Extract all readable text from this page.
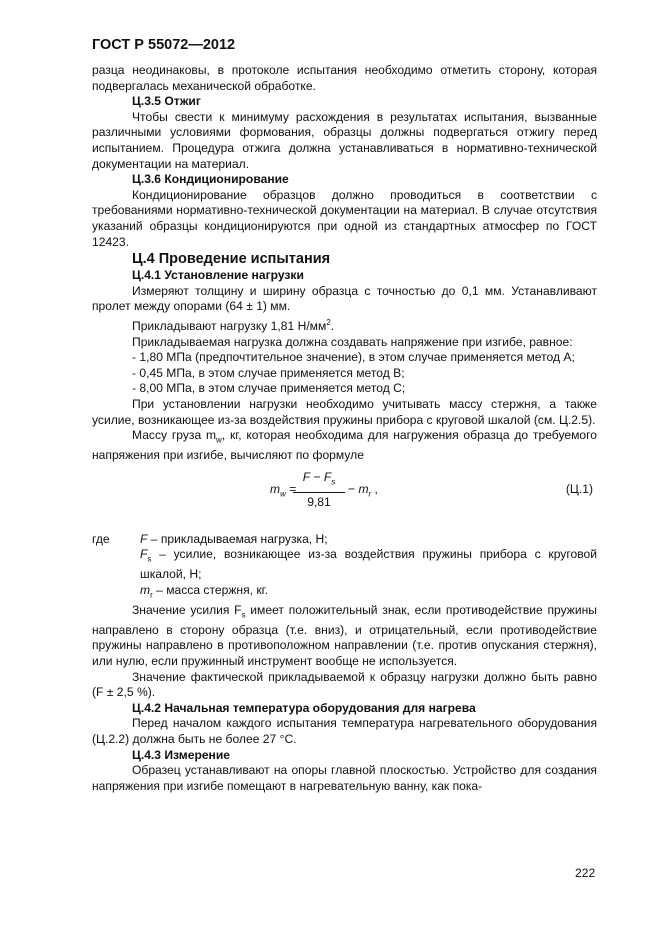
ГОСТ Р 55072—2012

разца неодинаковы, в протоколе испытания необходимо отметить сторону, которая подвергалась механической обработке.

Ц.3.5 Отжиг

Чтобы свести к минимуму расхождения в результатах испытания, вызванные различными условиями формования, образцы должны подвергаться отжигу перед испытанием. Процедура отжига должна устанавливаться в нормативно-технической документации на материал.

Ц.3.6 Кондиционирование

Кондиционирование образцов должно проводиться в соответствии с требованиями нормативно-технической документации на материал. В случае отсутствия указаний образцы кондиционируются при одной из стандартных атмосфер по ГОСТ 12423.

Ц.4 Проведение испытания

Ц.4.1 Установление нагрузки

Измеряют толщину и ширину образца с точностью до 0,1 мм. Устанавливают пролет между опорами (64 ± 1) мм.

Прикладывают нагрузку 1,81 $Н/мм^2$.

Прикладываемая нагрузка должна создавать напряжение при изгибе, равное:

- 1,80 МПа (предпочтительное значение), в этом случае применяется метод А;

- 0,45 МПа, в этом случае применяется метод В;

- 8,00 МПа, в этом случае применяется метод С;

При установлении нагрузки необходимо учитывать массу стержня, а также усилие, возникающее из-за воздействия пружины прибора с круговой шкалой (см. Ц.2.5).

Массу груза $m_w$, кг, которая необходима для нагружения образца до требуемого напряжения при изгибе, вычисляют по формуле

$m_w$ =
$\frac{F - F_s}{9,81} - m_r$ ,	(Ц.1)
где	F – прикладываемая нагрузка, Н;

$F_s$ – усилие, возникающее из-за воздействия пружины прибора с круговой шкалой, Н;

$m_r$ – масса стержня, кг.

Значение усилия $F_s$ имеет положительный знак, если противодействие пружины направлено в сторону образца (т.е. вниз), и отрицательный, если противодействие пружины направлено в противоположном направлении (т.е. против опускания стержня), или нулю, если пружинный инструмент вообще не используется.

Значение фактической прикладываемой к образцу нагрузки должно быть равно (F ± 2,5 %).

Ц.4.2 Начальная температура оборудования для нагрева

Перед началом каждого испытания температура нагревательного оборудования (Ц.2.2) должна быть не более 27 °С.

Ц.4.3 Измерение

Образец устанавливают на опоры главной плоскостью. Устройство для создания напряжения при изгибе помещают в нагревательную ванну, как пока-

222
